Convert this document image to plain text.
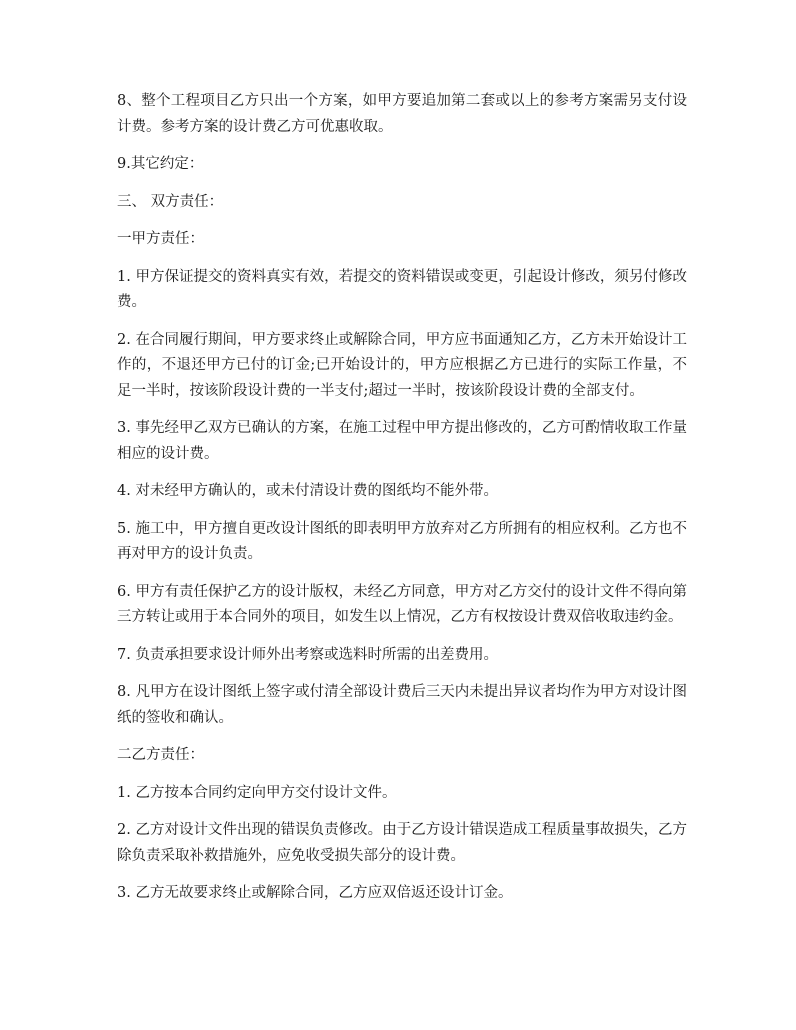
8、整个工程项目乙方只出一个方案，如甲方要追加第二套或以上的参考方案需另支付设计费。参考方案的设计费乙方可优惠收取。

9.其它约定：

三、 双方责任：

一甲方责任：

1. 甲方保证提交的资料真实有效，若提交的资料错误或变更，引起设计修改，须另付修改费。

2. 在合同履行期间，甲方要求终止或解除合同，甲方应书面通知乙方，乙方未开始设计工作的，不退还甲方已付的订金;已开始设计的，甲方应根据乙方已进行的实际工作量，不足一半时，按该阶段设计费的一半支付;超过一半时，按该阶段设计费的全部支付。

3. 事先经甲乙双方已确认的方案，在施工过程中甲方提出修改的，乙方可酌情收取工作量相应的设计费。

4. 对未经甲方确认的，或未付清设计费的图纸均不能外带。

5. 施工中，甲方擅自更改设计图纸的即表明甲方放弃对乙方所拥有的相应权利。乙方也不再对甲方的设计负责。

6. 甲方有责任保护乙方的设计版权，未经乙方同意，甲方对乙方交付的设计文件不得向第三方转让或用于本合同外的项目，如发生以上情况，乙方有权按设计费双倍收取违约金。

7. 负责承担要求设计师外出考察或选料时所需的出差费用。

8. 凡甲方在设计图纸上签字或付清全部设计费后三天内未提出异议者均作为甲方对设计图纸的签收和确认。

二乙方责任：

1. 乙方按本合同约定向甲方交付设计文件。

2. 乙方对设计文件出现的错误负责修改。由于乙方设计错误造成工程质量事故损失，乙方除负责采取补救措施外，应免收受损失部分的设计费。

3. 乙方无故要求终止或解除合同，乙方应双倍返还设计订金。
